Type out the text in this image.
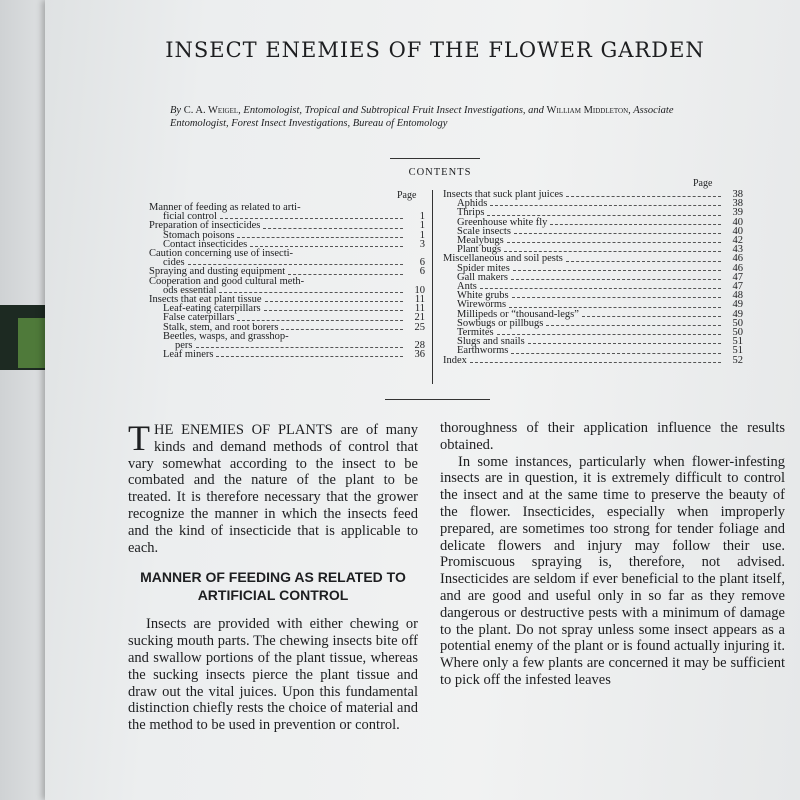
INSECT ENEMIES OF THE FLOWER GARDEN
By C. A. Weigel, Entomologist, Tropical and Subtropical Fruit Insect Investigations, and William Middleton, Associate Entomologist, Forest Insect Investigations, Bureau of Entomology
CONTENTS
Page
Page
Manner of feeding as related to arti-
ficial control	1
Preparation of insecticides	1
Stomach poisons	1
Contact insecticides	3
Caution concerning use of insecti-
cides	6
Spraying and dusting equipment	6
Cooperation and good cultural meth-
ods essential	10
Insects that eat plant tissue	11
Leaf-eating caterpillars	11
False caterpillars	21
Stalk, stem, and root borers	25
Beetles, wasps, and grasshop-
pers	28
Leaf miners	36
Insects that suck plant juices	38
Aphids	38
Thrips	39
Greenhouse white fly	40
Scale insects	40
Mealybugs	42
Plant bugs	43
Miscellaneous and soil pests	46
Spider mites	46
Gall makers	47
Ants	47
White grubs	48
Wireworms	49
Millipeds or “thousand-legs”	49
Sowbugs or pillbugs	50
Termites	50
Slugs and snails	51
Earthworms	51
Index	52

THE ENEMIES OF PLANTS are of many kinds and demand methods of control that vary somewhat according to the insect to be combated and the nature of the plant to be treated. It is therefore necessary that the grower recognize the manner in which the insects feed and the kind of insecticide that is applicable to each.

MANNER OF FEEDING AS RELATED TO ARTIFICIAL CONTROL

Insects are provided with either chewing or sucking mouth parts. The chewing insects bite off and swallow portions of the plant tissue, whereas the sucking insects pierce the plant tissue and draw out the vital juices. Upon this fundamental distinction chiefly rests the choice of material and the method to be used in prevention or control.

thoroughness of their application influence the results obtained.

In some instances, particularly when flower-infesting insects are in question, it is extremely difficult to control the insect and at the same time to preserve the beauty of the flower. Insecticides, especially when improperly prepared, are sometimes too strong for tender foliage and delicate flowers and injury may follow their use. Promiscuous spraying is, therefore, not advised. Insecticides are seldom if ever beneficial to the plant itself, and are good and useful only in so far as they remove dangerous or destructive pests with a minimum of damage to the plant. Do not spray unless some insect appears as a potential enemy of the plant or is found actually injuring it. Where only a few plants are concerned it may be sufficient to pick off the infested leaves
